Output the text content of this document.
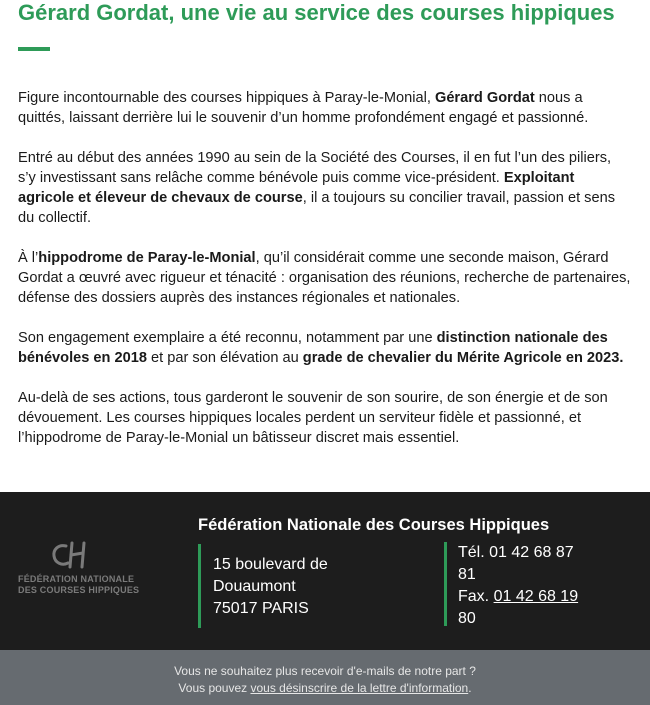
Gérard Gordat, une vie au service des courses hippiques

Figure incontournable des courses hippiques à Paray-le-Monial, Gérard Gordat nous a quittés, laissant derrière lui le souvenir d’un homme profondément engagé et passionné.

Entré au début des années 1990 au sein de la Société des Courses, il en fut l’un des piliers, s’y investissant sans relâche comme bénévole puis comme vice-président. Exploitant agricole et éleveur de chevaux de course, il a toujours su concilier travail, passion et sens du collectif.

À l’hippodrome de Paray-le-Monial, qu’il considérait comme une seconde maison, Gérard Gordat a œuvré avec rigueur et ténacité : organisation des réunions, recherche de partenaires, défense des dossiers auprès des instances régionales et nationales.

Son engagement exemplaire a été reconnu, notamment par une distinction nationale des bénévoles en 2018 et par son élévation au grade de chevalier du Mérite Agricole en 2023.

Au-delà de ses actions, tous garderont le souvenir de son sourire, de son énergie et de son dévouement. Les courses hippiques locales perdent un serviteur fidèle et passionné, et l’hippodrome de Paray-le-Monial un bâtisseur discret mais essentiel.

FÉDÉRATION NATIONALE
DES COURSES HIPPIQUES
Fédération Nationale des Courses Hippiques
15 boulevard de
Douaumont
75017 PARIS
Tél. 01 42 68 87
81
Fax. 01 42 68 19
80
Vous ne souhaitez plus recevoir d'e-mails de notre part ?
Vous pouvez vous désinscrire de la lettre d'information.
